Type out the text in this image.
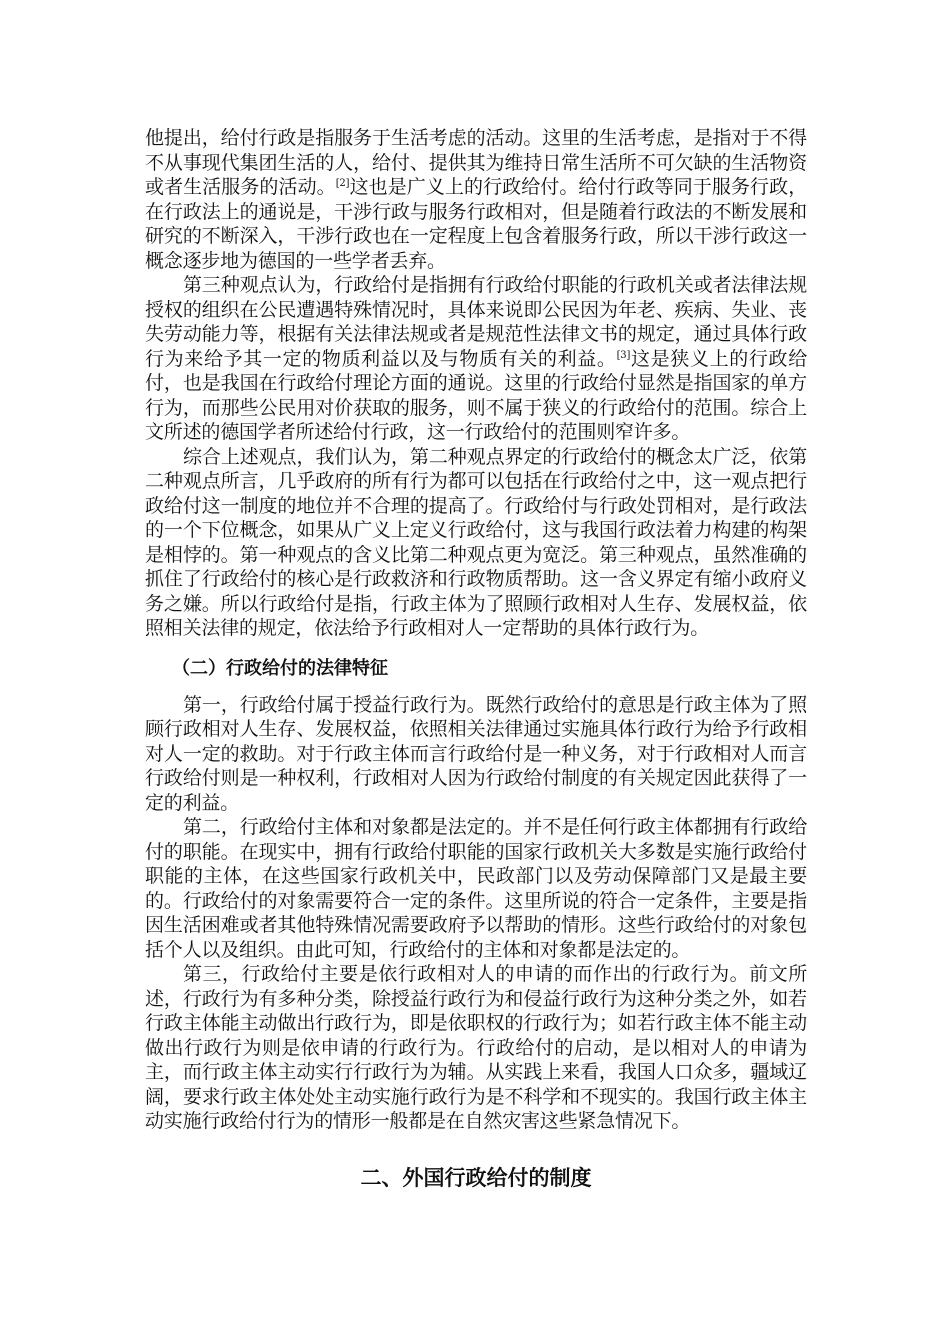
他提出，给付行政是指服务于生活考虑的活动。这里的生活考虑，是指对于不得不从事现代集团生活的人，给付、提供其为维持日常生活所不可欠缺的生活物资或者生活服务的活动。[2]这也是广义上的行政给付。给付行政等同于服务行政，在行政法上的通说是，干涉行政与服务行政相对，但是随着行政法的不断发展和研究的不断深入，干涉行政也在一定程度上包含着服务行政，所以干涉行政这一概念逐步地为德国的一些学者丢弃。

第三种观点认为，行政给付是指拥有行政给付职能的行政机关或者法律法规授权的组织在公民遭遇特殊情况时，具体来说即公民因为年老、疾病、失业、丧失劳动能力等，根据有关法律法规或者是规范性法律文书的规定，通过具体行政行为来给予其一定的物质利益以及与物质有关的利益。[3]这是狭义上的行政给付，也是我国在行政给付理论方面的通说。这里的行政给付显然是指国家的单方行为，而那些公民用对价获取的服务，则不属于狭义的行政给付的范围。综合上文所述的德国学者所述给付行政，这一行政给付的范围则窄许多。

综合上述观点，我们认为，第二种观点界定的行政给付的概念太广泛，依第二种观点所言，几乎政府的所有行为都可以包括在行政给付之中，这一观点把行政给付这一制度的地位并不合理的提高了。行政给付与行政处罚相对，是行政法的一个下位概念，如果从广义上定义行政给付，这与我国行政法着力构建的构架是相悖的。第一种观点的含义比第二种观点更为宽泛。第三种观点，虽然准确的抓住了行政给付的核心是行政救济和行政物质帮助。这一含义界定有缩小政府义务之嫌。所以行政给付是指，行政主体为了照顾行政相对人生存、发展权益，依照相关法律的规定，依法给予行政相对人一定帮助的具体行政行为。

（二）行政给付的法律特征

第一，行政给付属于授益行政行为。既然行政给付的意思是行政主体为了照顾行政相对人生存、发展权益，依照相关法律通过实施具体行政行为给予行政相对人一定的救助。对于行政主体而言行政给付是一种义务，对于行政相对人而言行政给付则是一种权利，行政相对人因为行政给付制度的有关规定因此获得了一定的利益。

第二，行政给付主体和对象都是法定的。并不是任何行政主体都拥有行政给付的职能。在现实中，拥有行政给付职能的国家行政机关大多数是实施行政给付职能的主体，在这些国家行政机关中，民政部门以及劳动保障部门又是最主要的。行政给付的对象需要符合一定的条件。这里所说的符合一定条件，主要是指因生活困难或者其他特殊情况需要政府予以帮助的情形。这些行政给付的对象包括个人以及组织。由此可知，行政给付的主体和对象都是法定的。

第三，行政给付主要是依行政相对人的申请的而作出的行政行为。前文所述，行政行为有多种分类，除授益行政行为和侵益行政行为这种分类之外，如若行政主体能主动做出行政行为，即是依职权的行政行为；如若行政主体不能主动做出行政行为则是依申请的行政行为。行政给付的启动，是以相对人的申请为主，而行政主体主动实行行政行为为辅。从实践上来看，我国人口众多，疆域辽阔，要求行政主体处处主动实施行政行为是不科学和不现实的。我国行政主体主动实施行政给付行为的情形一般都是在自然灾害这些紧急情况下。

二、外国行政给付的制度
